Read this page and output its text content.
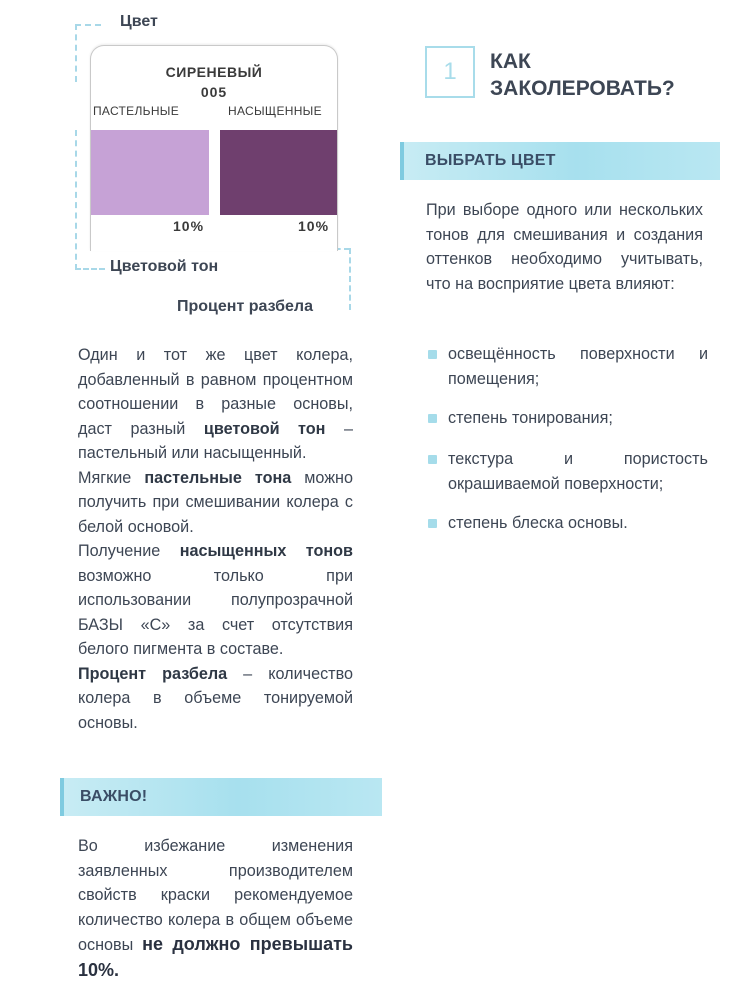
Цвет
Цветовой тон
Процент разбела
СИРЕНЕВЫЙ
005
ПАСТЕЛЬНЫЕ	НАСЫЩЕННЫЕ
10%	10%

Один и тот же цвет колера, добавленный в равном процентном соотношении в разные основы, даст разный цветовой тон – пастельный или насыщенный.

Мягкие пастельные тона можно получить при смешивании колера с белой основой.

Получение насыщенных тонов возможно только при использовании полупрозрачной БАЗЫ «С» за счет отсутствия белого пигмента в составе.

Процент разбела – количество колера в объеме тонируемой основы.

ВАЖНО!

Во избежание изменения заявленных производителем свойств краски рекомендуемое количество колера в общем объеме основы не должно превышать 10%.

1	КАК
ЗАКОЛЕРОВАТЬ?
ВЫБРАТЬ ЦВЕТ
При выборе одного или нескольких тонов для смешивания и создания оттенков необходимо учитывать, что на восприятие цвета влияют:
освещённость поверхности и помещения;
степень тонирования;
текстура и пористость окрашиваемой поверхности;
степень блеска основы.
